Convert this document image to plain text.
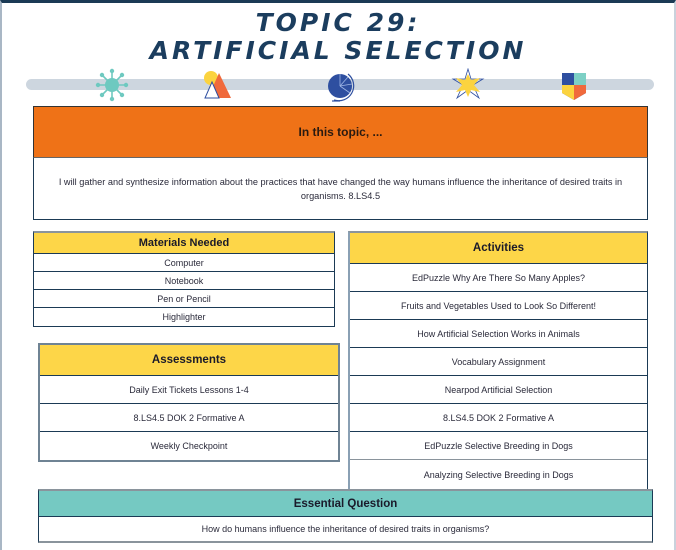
TOPIC 29:
ARTIFICIAL SELECTION
In this topic, ...
I will gather and synthesize information about the practices that have changed the way humans influence the inheritance of desired traits in organisms. 8.LS4.5
Materials Needed
Computer
Notebook
Pen or Pencil
Highlighter
Activities
EdPuzzle Why Are There So Many Apples?
Fruits and Vegetables Used to Look So Different!
How Artificial Selection Works in Animals
Vocabulary Assignment
Nearpod Artificial Selection
8.LS4.5 DOK 2 Formative A
EdPuzzle Selective Breeding in Dogs
Analyzing Selective Breeding in Dogs
Assessments
Daily Exit Tickets Lessons 1-4
8.LS4.5 DOK 2 Formative A
Weekly Checkpoint
Essential Question
How do humans influence the inheritance of desired traits in organisms?
